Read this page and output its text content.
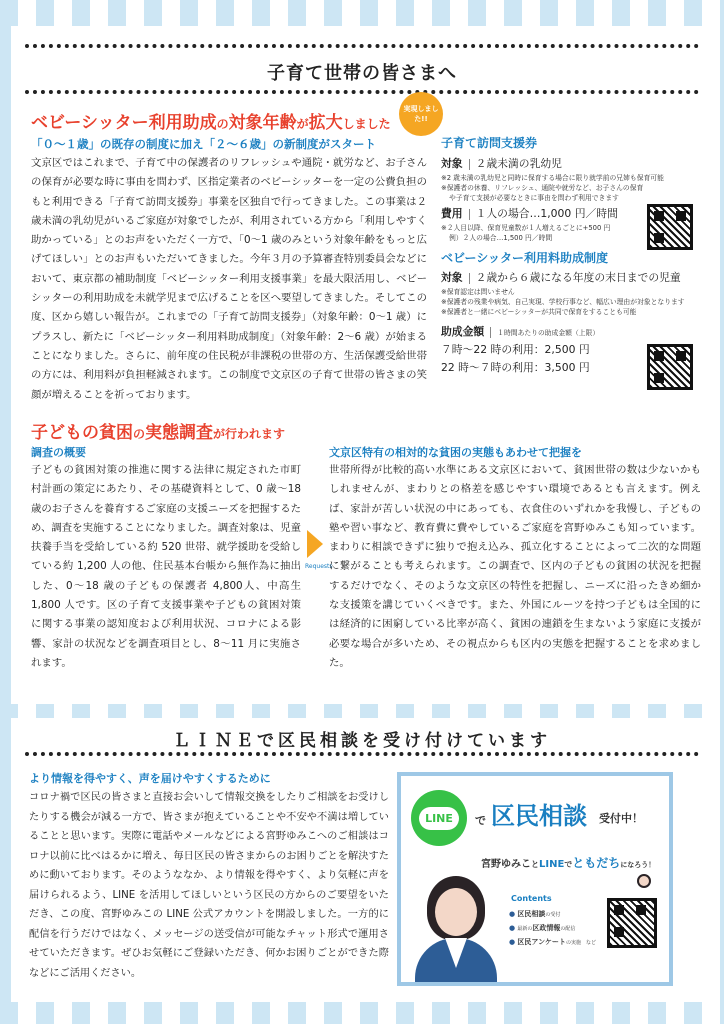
子育て世帯の皆さまへ
ベビーシッター利用助成の対象年齢が拡大しました
実現しました!!
「０～１歳」の既存の制度に加え「２～６歳」の新制度がスタート
文京区ではこれまで、子育て中の保護者のリフレッシュや通院・就労など、お子さんの保育が必要な時に事由を問わず、区指定業者のベビーシッターを一定の公費負担のもと利用できる「子育て訪問支援券」事業を区独自で行ってきました。この事業は２歳未満の乳幼児がいるご家庭が対象でしたが、利用されている方から「利用しやすく助かっている」とのお声をいただく一方で、「0～1 歳のみという対象年齢をもっと広げてほしい」とのお声もいただいてきました。今年３月の予算審査特別委員会などにおいて、東京都の補助制度「ベビーシッター利用支援事業」を最大限活用し、ベビーシッターの利用助成を未就学児まで広げることを区へ要望してきました。そしてこの度、区から嬉しい報告が。これまでの「子育て訪問支援券」（対象年齢：0～1 歳）にプラスし、新たに「ベビーシッター利用料助成制度」（対象年齢：2～6 歳）が始まることになりました。さらに、前年度の住民税が非課税の世帯の方、生活保護受給世帯の方には、利用料が負担軽減されます。この制度で文京区の子育て世帯の皆さまの笑顔が増えることを祈っております。
子育て訪問支援券
対象 ２歳未満の乳幼児
※2 歳未満の乳幼児と同時に保育する場合に限り就学前の兄姉も保育可能
※保護者の休養、リフレッシュ、通院や就労など、お子さんの保育
や子育て支援が必要なときに事由を問わず利用できます
費用 １人の場合…1,000 円／時間
※２人目以降、保育児童数が１人増えるごとに+500 円
例）２人の場合…1,500 円／時間
ベビーシッター利用料助成制度
対象 ２歳から６歳になる年度の末日までの児童
※保育認定は問いません
※保護者の残業や病気、自己実現、学校行事など、幅広い理由が対象となります
※保護者と一緒にベビーシッターが共同で保育をすることも可能
助成金額 １時間あたりの助成金額（上限）
７時～22 時の利用：2,500 円
22 時～７時の利用：3,500 円
子どもの貧困の実態調査が行われます
調査の概要
子どもの貧困対策の推進に関する法律に規定された市町村計画の策定にあたり、その基礎資料として、0 歳～18 歳のお子さんを養育するご家庭の支援ニーズを把握するため、調査を実施することになりました。調査対象は、児童扶養手当を受給している約 520 世帯、就学援助を受給している約 1,200 人の他、住民基本台帳から無作為に抽出した、0～18 歳の子どもの保護者 4,800人、中高生 1,800 人です。区の子育て支援事業や子どもの貧困対策に関する事業の認知度および利用状況、コロナによる影響、家計の状況などを調査項目とし、8～11 月に実施されます。
Requests
文京区特有の相対的な貧困の実態もあわせて把握を
世帯所得が比較的高い水準にある文京区において、貧困世帯の数は少ないかもしれませんが、まわりとの格差を感じやすい環境であるとも言えます。例えば、家計が苦しい状況の中にあっても、衣食住のいずれかを我慢し、子どもの塾や習い事など、教育費に費やしているご家庭を宮野ゆみこも知っています。まわりに相談できずに独りで抱え込み、孤立化することによって二次的な問題に繋がることも考えられます。この調査で、区内の子どもの貧困の状況を把握するだけでなく、そのような文京区の特性を把握し、ニーズに沿ったきめ細かな支援策を講じていくべきです。また、外国にルーツを持つ子どもは全国的には経済的に困窮している比率が高く、貧困の連鎖を生まないよう家庭に支援が必要な場合が多いため、その視点からも区内の実態を把握することを求めました。
ＬＩＮＥで区民相談を受け付けています
より情報を得やすく、声を届けやすくするために
コロナ禍で区民の皆さまと直接お会いして情報交換をしたりご相談をお受けしたりする機会が減る一方で、皆さまが抱えていることや不安や不満は増していることと思います。実際に電話やメールなどによる宮野ゆみこへのご相談はコロナ以前に比べはるかに増え、毎日区民の皆さまからのお困りごとを解決すために動いております。そのようななか、より情報を得やすく、より気軽に声を届けられるよう、LINE を活用してほしいという区民の方からのご要望をいただき、この度、宮野ゆみこの LINE 公式アカウントを開設しました。一方的に配信を行うだけではなく、メッセージの送受信が可能なチャット形式で運用させていただきます。ぜひお気軽にご登録いただき、何かお困りごとができた際などにご活用ください。
LINE	で 区民相談 受付中！
宮野ゆみことLINEでともだちになろう！
Contents
● 区民相談の受付
● 最新の区政情報の配信
● 区民アンケートの実施　など
